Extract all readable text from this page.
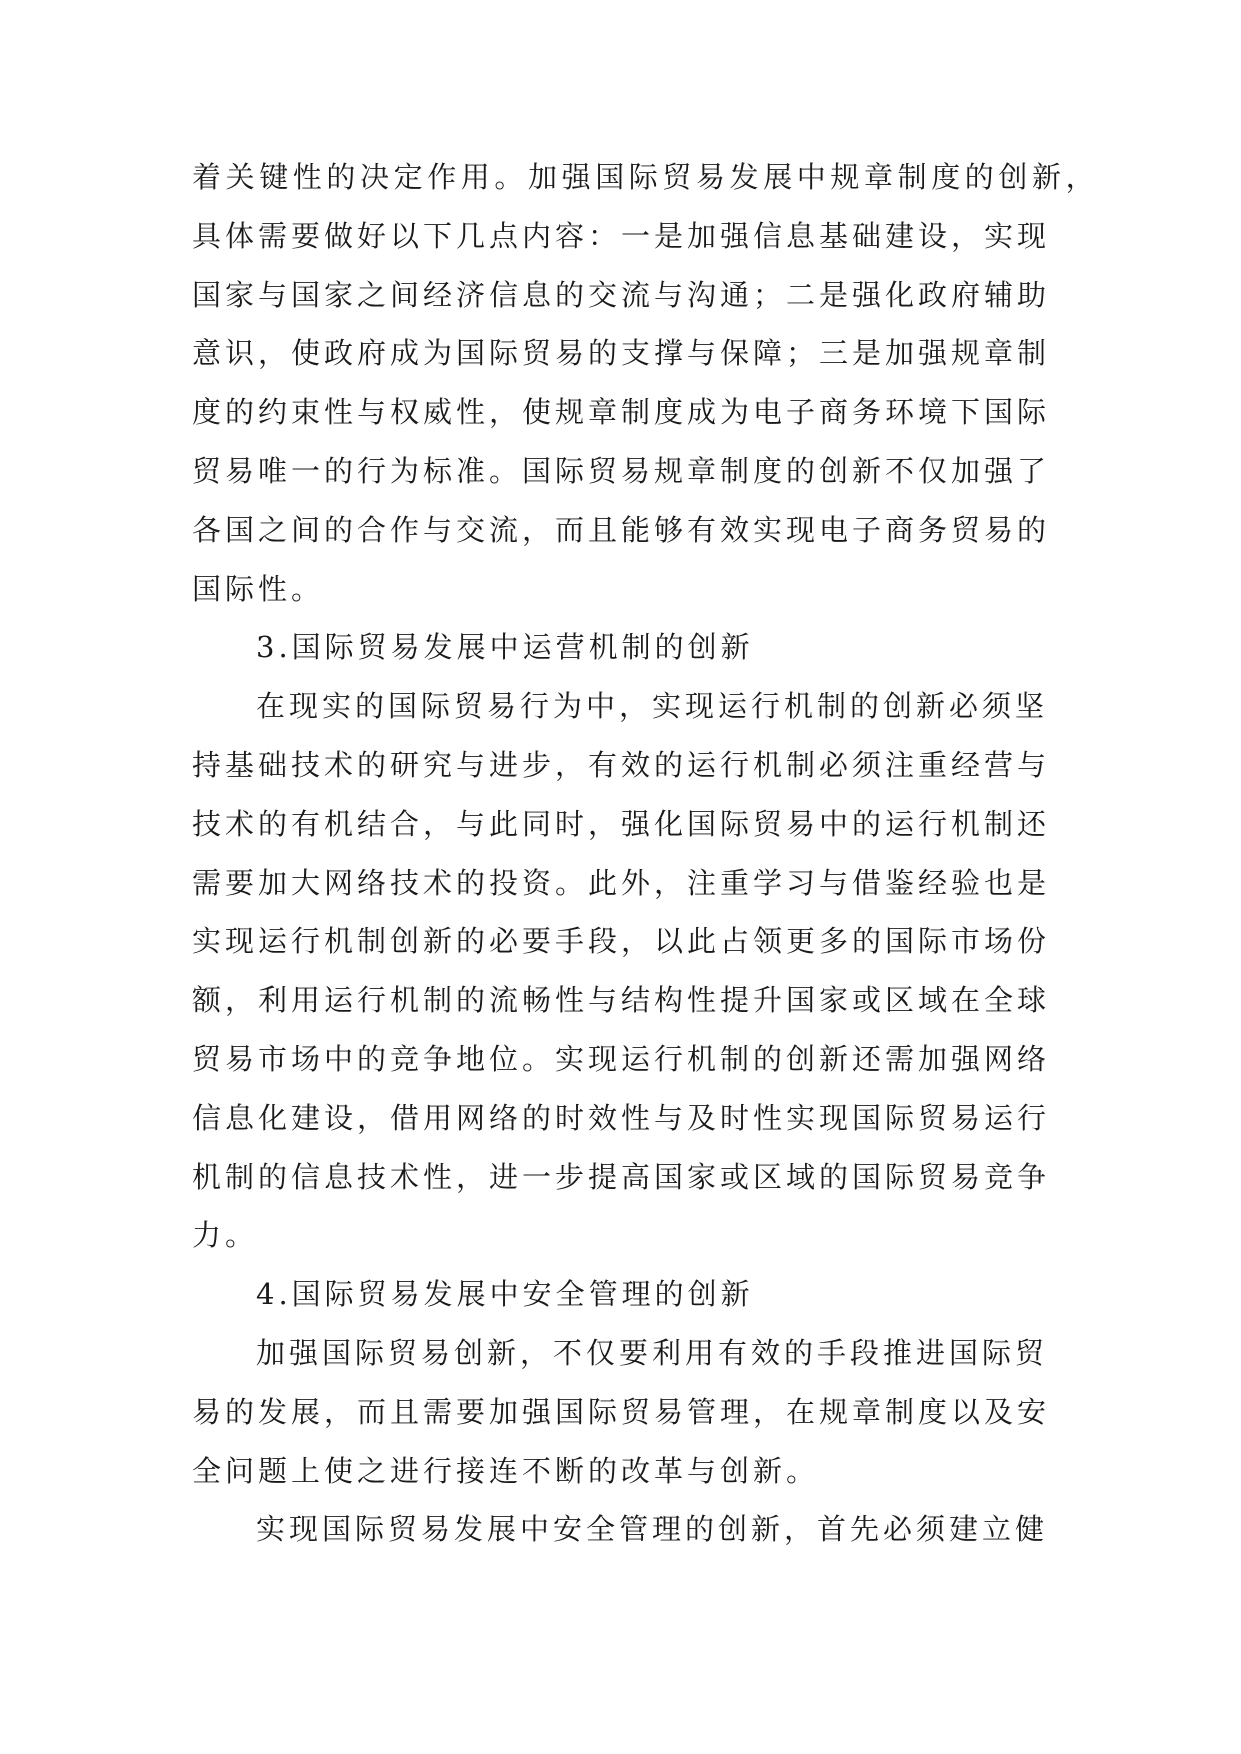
着关键性的决定作用。加强国际贸易发展中规章制度的创新，
具体需要做好以下几点内容：一是加强信息基础建设，实现
国家与国家之间经济信息的交流与沟通；二是强化政府辅助
意识，使政府成为国际贸易的支撑与保障；三是加强规章制
度的约束性与权威性，使规章制度成为电子商务环境下国际
贸易唯一的行为标准。国际贸易规章制度的创新不仅加强了
各国之间的合作与交流，而且能够有效实现电子商务贸易的
国际性。
3.国际贸易发展中运营机制的创新
在现实的国际贸易行为中，实现运行机制的创新必须坚
持基础技术的研究与进步，有效的运行机制必须注重经营与
技术的有机结合，与此同时，强化国际贸易中的运行机制还
需要加大网络技术的投资。此外，注重学习与借鉴经验也是
实现运行机制创新的必要手段，以此占领更多的国际市场份
额，利用运行机制的流畅性与结构性提升国家或区域在全球
贸易市场中的竞争地位。实现运行机制的创新还需加强网络
信息化建设，借用网络的时效性与及时性实现国际贸易运行
机制的信息技术性，进一步提高国家或区域的国际贸易竞争
力。
4.国际贸易发展中安全管理的创新
加强国际贸易创新，不仅要利用有效的手段推进国际贸
易的发展，而且需要加强国际贸易管理，在规章制度以及安
全问题上使之进行接连不断的改革与创新。
实现国际贸易发展中安全管理的创新，首先必须建立健
